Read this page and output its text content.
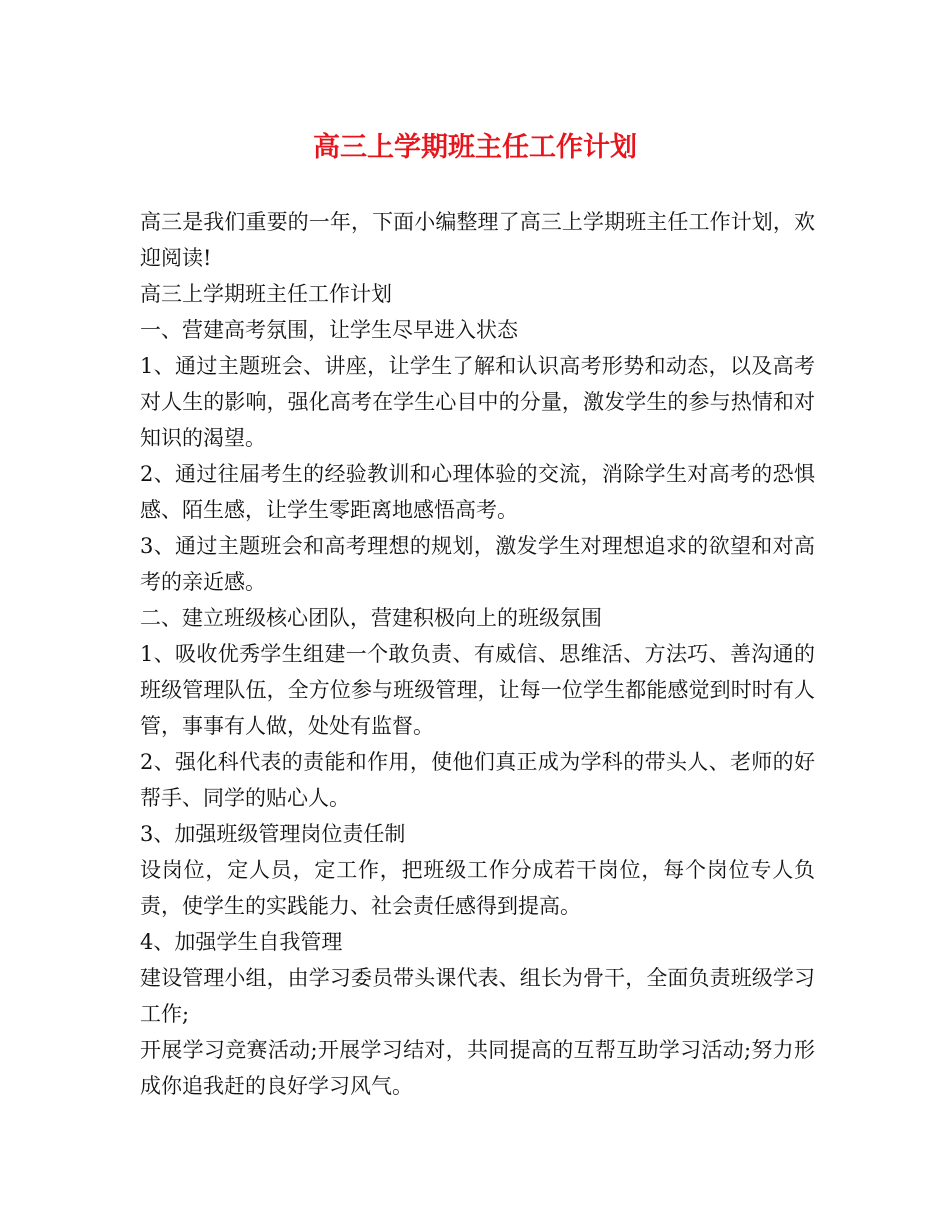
高三上学期班主任工作计划

高三是我们重要的一年，下面小编整理了高三上学期班主任工作计划，欢迎阅读!

高三上学期班主任工作计划

一、营建高考氛围，让学生尽早进入状态

1、通过主题班会、讲座，让学生了解和认识高考形势和动态，以及高考对人生的影响，强化高考在学生心目中的分量，激发学生的参与热情和对知识的渴望。

2、通过往届考生的经验教训和心理体验的交流，消除学生对高考的恐惧感、陌生感，让学生零距离地感悟高考。

3、通过主题班会和高考理想的规划，激发学生对理想追求的欲望和对高考的亲近感。

二、建立班级核心团队，营建积极向上的班级氛围

1、吸收优秀学生组建一个敢负责、有威信、思维活、方法巧、善沟通的班级管理队伍，全方位参与班级管理，让每一位学生都能感觉到时时有人管，事事有人做，处处有监督。

2、强化科代表的责能和作用，使他们真正成为学科的带头人、老师的好帮手、同学的贴心人。

3、加强班级管理岗位责任制

设岗位，定人员，定工作，把班级工作分成若干岗位，每个岗位专人负责，使学生的实践能力、社会责任感得到提高。

4、加强学生自我管理

建设管理小组，由学习委员带头课代表、组长为骨干，全面负责班级学习工作;

开展学习竞赛活动;开展学习结对，共同提高的互帮互助学习活动;努力形成你追我赶的良好学习风气。
